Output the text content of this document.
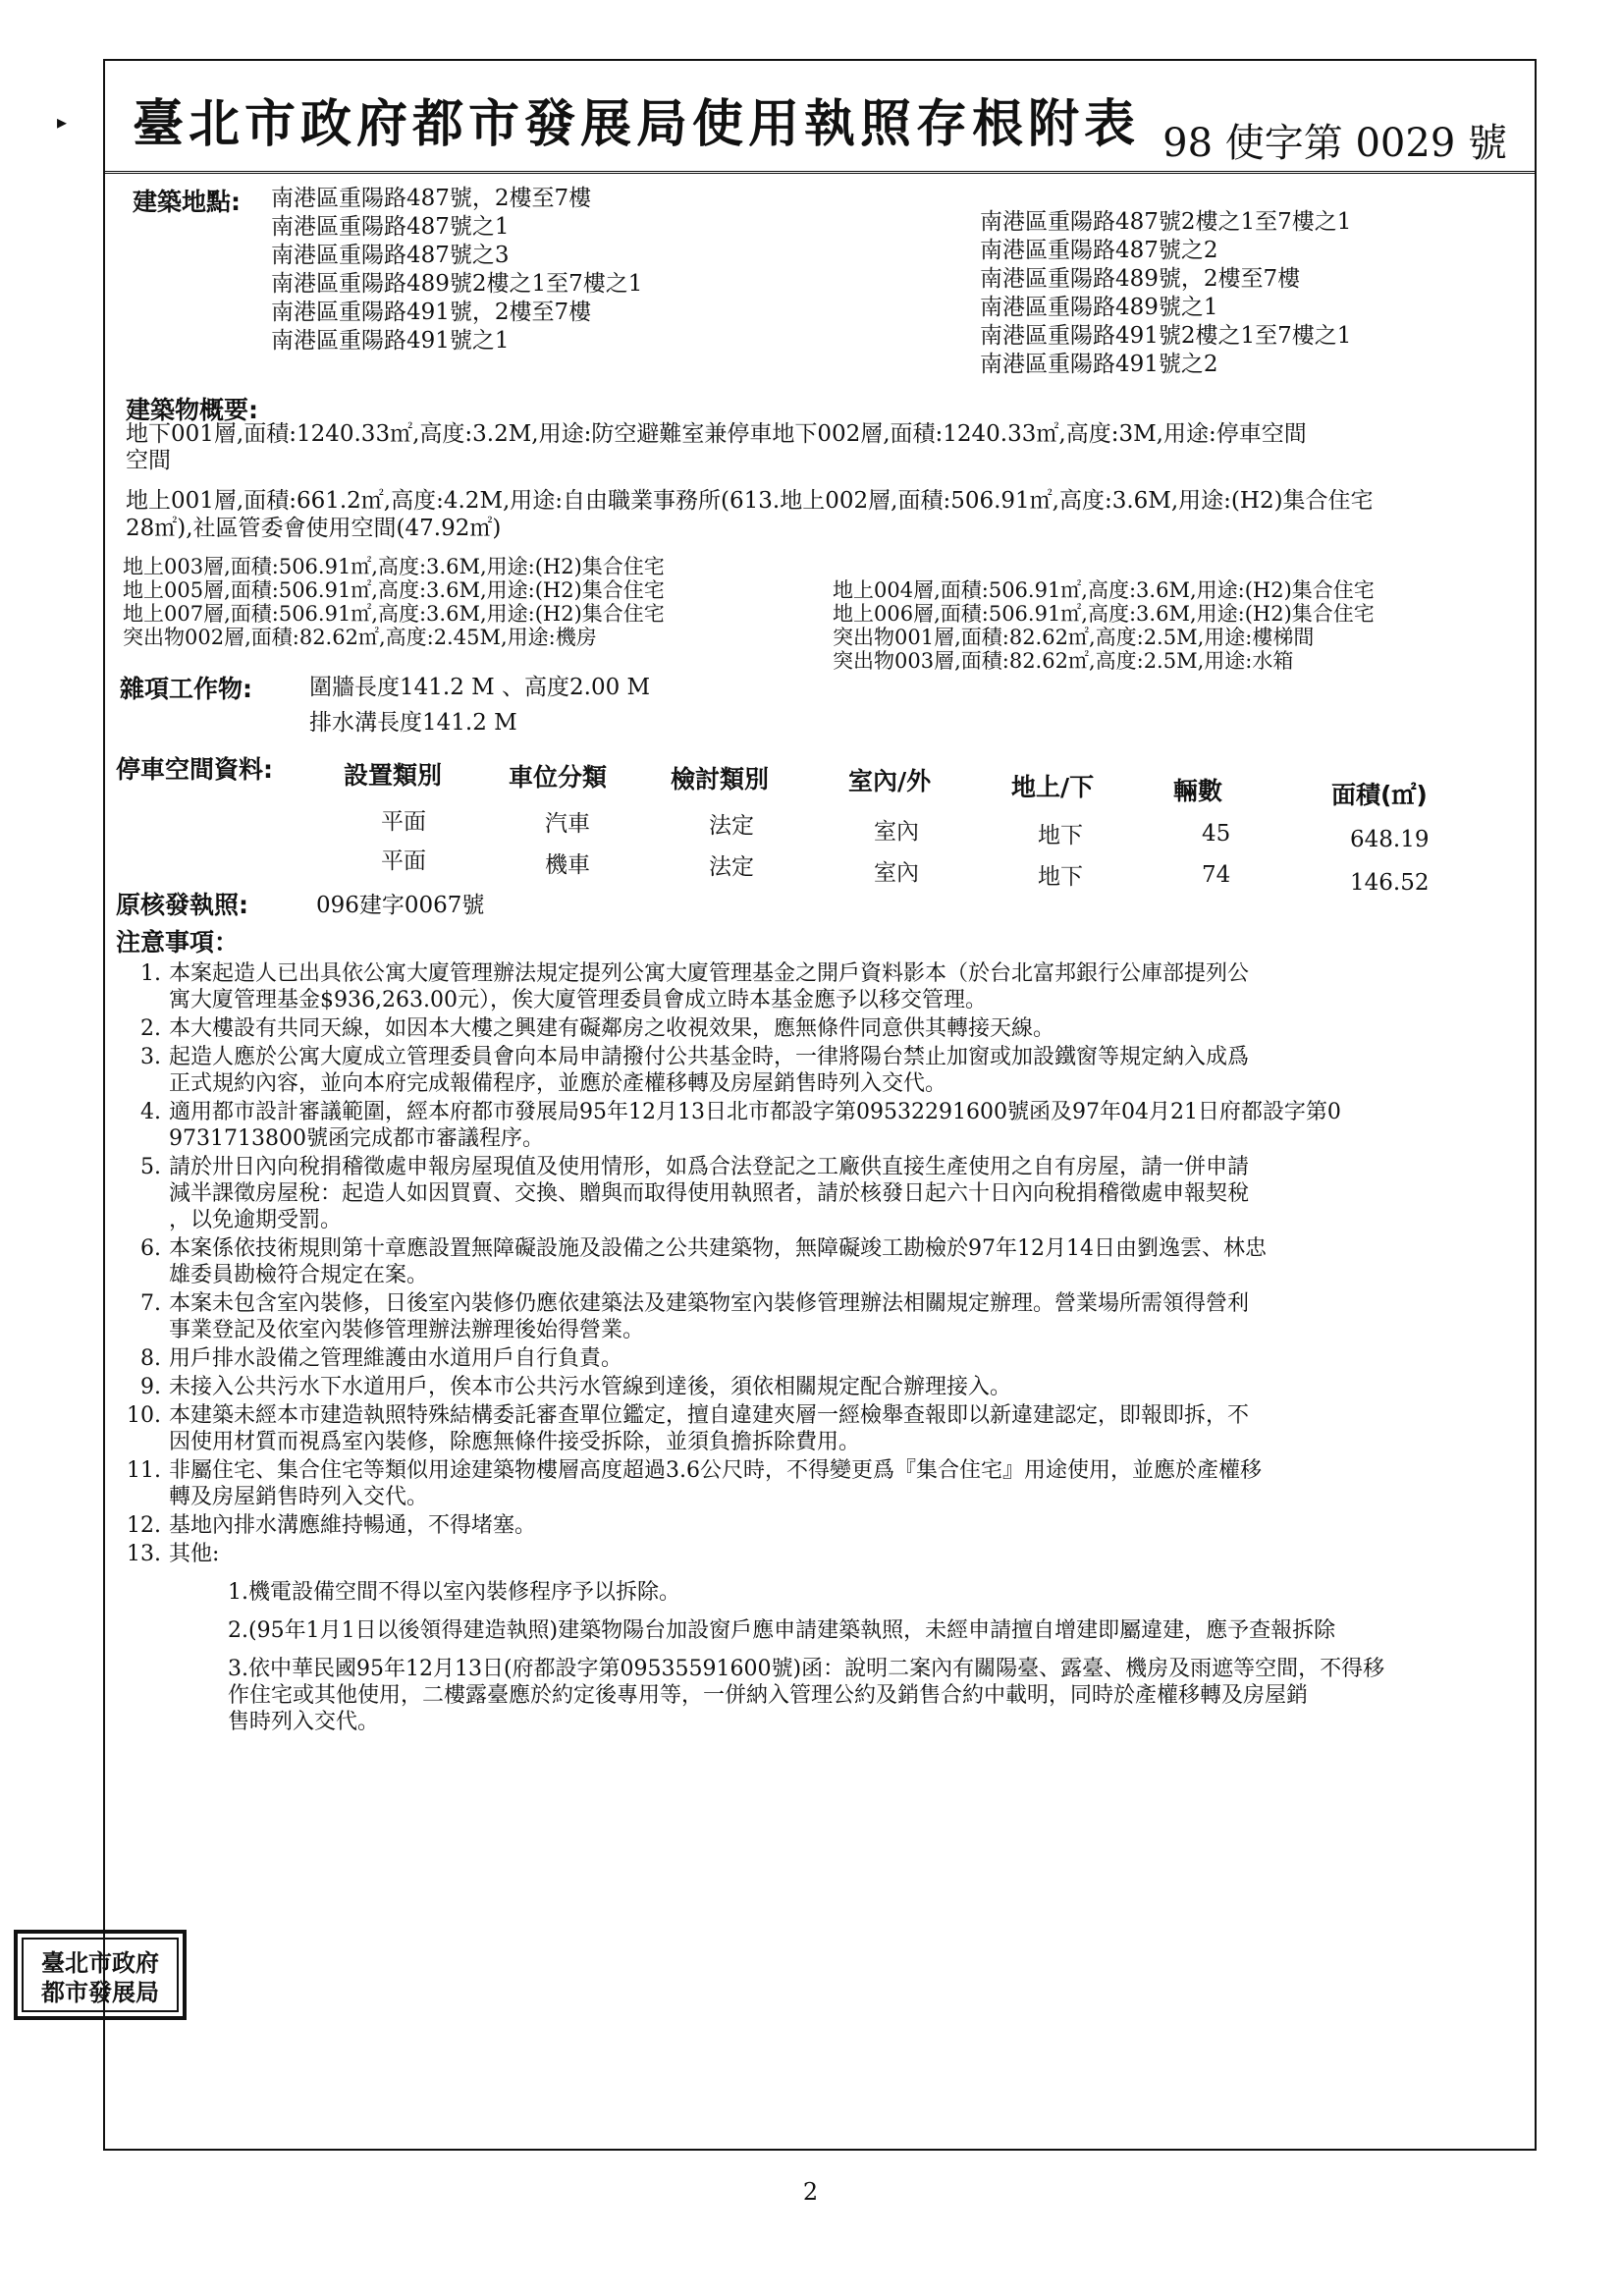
▸ 臺北市政府都市發展局使用執照存根附表 98 使字第 0029 號
建築地點: 南港區重陽路487號，2樓至7樓
南港區重陽路487號之1
南港區重陽路487號之3
南港區重陽路489號2樓之1至7樓之1
南港區重陽路491號，2樓至7樓
南港區重陽路491號之1
南港區重陽路487號2樓之1至7樓之1
南港區重陽路487號之2
南港區重陽路489號，2樓至7樓
南港區重陽路489號之1
南港區重陽路491號2樓之1至7樓之1
南港區重陽路491號之2
建築物概要:
地下001層,面積:1240.33㎡,高度:3.2M,用途:防空避難室兼停車地下002層,面積:1240.33㎡,高度:3M,用途:停車空間
空間
地上001層,面積:661.2㎡,高度:4.2M,用途:自由職業事務所(613.地上002層,面積:506.91㎡,高度:3.6M,用途:(H2)集合住宅
28㎡),社區管委會使用空間(47.92㎡)
地上003層,面積:506.91㎡,高度:3.6M,用途:(H2)集合住宅
地上005層,面積:506.91㎡,高度:3.6M,用途:(H2)集合住宅
地上007層,面積:506.91㎡,高度:3.6M,用途:(H2)集合住宅
突出物002層,面積:82.62㎡,高度:2.45M,用途:機房
地上004層,面積:506.91㎡,高度:3.6M,用途:(H2)集合住宅
地上006層,面積:506.91㎡,高度:3.6M,用途:(H2)集合住宅
突出物001層,面積:82.62㎡,高度:2.5M,用途:樓梯間
突出物003層,面積:82.62㎡,高度:2.5M,用途:水箱
雜項工作物:	圍牆長度141.2 M 、高度2.00 M
排水溝長度141.2 M
停車空間資料:	設置類別	車位分類	檢討類別	室內/外	地上/下	輛數	面積(㎡)
平面	汽車	法定	室內	地下	45	648.19
平面	機車	法定	室內	地下	74	146.52
原核發執照:	096建字0067號
注意事項：
1. 本案起造人已出具依公寓大廈管理辦法規定提列公寓大廈管理基金之開戶資料影本（於台北富邦銀行公庫部提列公
寓大廈管理基金$936,263.00元），俟大廈管理委員會成立時本基金應予以移交管理。
2. 本大樓設有共同天線，如因本大樓之興建有礙鄰房之收視效果，應無條件同意供其轉接天線。
3. 起造人應於公寓大廈成立管理委員會向本局申請撥付公共基金時，一律將陽台禁止加窗或加設鐵窗等規定納入成爲
正式規約內容，並向本府完成報備程序，並應於產權移轉及房屋銷售時列入交代。
4. 適用都市設計審議範圍，經本府都市發展局95年12月13日北市都設字第09532291600號函及97年04月21日府都設字第0
9731713800號函完成都市審議程序。
5. 請於卅日內向稅捐稽徵處申報房屋現值及使用情形，如爲合法登記之工廠供直接生產使用之自有房屋，請一併申請
減半課徵房屋稅：起造人如因買賣、交換、贈與而取得使用執照者，請於核發日起六十日內向稅捐稽徵處申報契稅
，以免逾期受罰。
6. 本案係依技術規則第十章應設置無障礙設施及設備之公共建築物，無障礙竣工勘檢於97年12月14日由劉逸雲、林忠
雄委員勘檢符合規定在案。
7. 本案未包含室內裝修，日後室內裝修仍應依建築法及建築物室內裝修管理辦法相關規定辦理。營業場所需領得營利
事業登記及依室內裝修管理辦法辦理後始得營業。
8. 用戶排水設備之管理維護由水道用戶自行負責。
9. 未接入公共污水下水道用戶，俟本市公共污水管線到達後，須依相關規定配合辦理接入。
10. 本建築未經本市建造執照特殊結構委託審查單位鑑定，擅自違建夾層一經檢舉查報即以新違建認定，即報即拆，不
因使用材質而視爲室內裝修，除應無條件接受拆除，並須負擔拆除費用。
11. 非屬住宅、集合住宅等類似用途建築物樓層高度超過3.6公尺時，不得變更爲『集合住宅』用途使用，並應於產權移
轉及房屋銷售時列入交代。
12. 基地內排水溝應維持暢通，不得堵塞。
13. 其他:
1.機電設備空間不得以室內裝修程序予以拆除。
2.(95年1月1日以後領得建造執照)建築物陽台加設窗戶應申請建築執照，未經申請擅自增建即屬違建，應予查報拆除
3.依中華民國95年12月13日(府都設字第09535591600號)函：說明二案內有關陽臺、露臺、機房及雨遮等空間，不得移
作住宅或其他使用，二樓露臺應於約定後專用等，一併納入管理公約及銷售合約中載明，同時於產權移轉及房屋銷
售時列入交代。
臺北市政府
都市發展局
2
